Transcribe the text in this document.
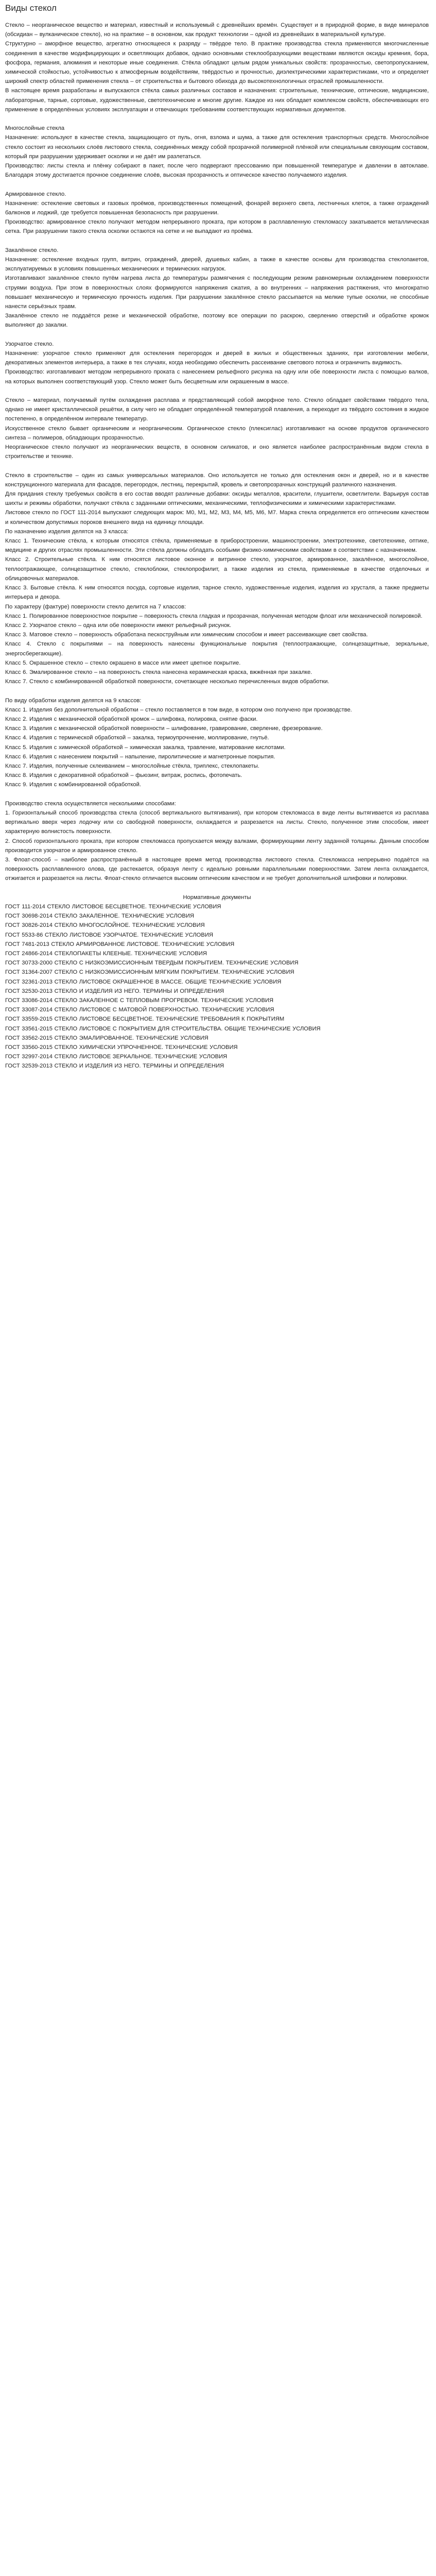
Виды стекол

Стекло – неорганическое вещество и материал, известный и используемый с древнейших времён. Существует и в природной форме, в виде минералов (обсидиан – вулканическое стекло), но на практике – в основном, как продукт технологии – одной из древнейших в материальной культуре.

Структурно – аморфное вещество, агрегатно относящееся к разряду – твёрдое тело. В практике производства стекла применяются многочисленные соединения в качестве модифицирующих и осветляющих добавок, однако основными стеклообразующими веществами являются оксиды кремния, бора, фосфора, германия, алюминия и некоторые иные соединения. Стёкла обладают целым рядом уникальных свойств: прозрачностью, светопропусканием, химической стойкостью, устойчивостью к атмосферным воздействиям, твёрдостью и прочностью, диэлектрическими характеристиками, что и определяет широкий спектр областей применения стекла – от строительства и бытового обихода до высокотехнологичных отраслей промышленности.

В настоящее время разработаны и выпускаются стёкла самых различных составов и назначения: строительные, технические, оптические, медицинские, лабораторные, тарные, сортовые, художественные, светотехнические и многие другие. Каждое из них обладает комплексом свойств, обеспечивающих его применение в определённых условиях эксплуатации и отвечающих требованиям соответствующих нормативных документов.

Многослойные стекла

Назначение: используют в качестве стекла, защищающего от пуль, огня, взлома и шума, а также для остекления транспортных средств. Многослойное стекло состоит из нескольких слоёв листового стекла, соединённых между собой прозрачной полимерной плёнкой или специальным связующим составом, который при разрушении удерживает осколки и не даёт им разлетаться.

Производство: листы стекла и плёнку собирают в пакет, после чего подвергают прессованию при повышенной температуре и давлении в автоклаве. Благодаря этому достигается прочное соединение слоёв, высокая прозрачность и оптическое качество получаемого изделия.

Армированное стекло.

Назначение: остекление световых и газовых проёмов, производственных помещений, фонарей верхнего света, лестничных клеток, а также ограждений балконов и лоджий, где требуется повышенная безопасность при разрушении.

Производство: армированное стекло получают методом непрерывного проката, при котором в расплавленную стекломассу закатывается металлическая сетка. При разрушении такого стекла осколки остаются на сетке и не выпадают из проёма.

Закалённое стекло.

Назначение: остекление входных групп, витрин, ограждений, дверей, душевых кабин, а также в качестве основы для производства стеклопакетов, эксплуатируемых в условиях повышенных механических и термических нагрузок.

Изготавливают закалённое стекло путём нагрева листа до температуры размягчения с последующим резким равномерным охлаждением поверхности струями воздуха. При этом в поверхностных слоях формируются напряжения сжатия, а во внутренних – напряжения растяжения, что многократно повышает механическую и термическую прочность изделия. При разрушении закалённое стекло рассыпается на мелкие тупые осколки, не способные нанести серьёзных травм.

Закалённое стекло не поддаётся резке и механической обработке, поэтому все операции по раскрою, сверлению отверстий и обработке кромок выполняют до закалки.

Узорчатое стекло.

Назначение: узорчатое стекло применяют для остекления перегородок и дверей в жилых и общественных зданиях, при изготовлении мебели, декоративных элементов интерьера, а также в тех случаях, когда необходимо обеспечить рассеивание светового потока и ограничить видимость.

Производство: изготавливают методом непрерывного проката с нанесением рельефного рисунка на одну или обе поверхности листа с помощью валков, на которых выполнен соответствующий узор. Стекло может быть бесцветным или окрашенным в массе.

Стекло – материал, получаемый путём охлаждения расплава и представляющий собой аморфное тело. Стекло обладает свойствами твёрдого тела, однако не имеет кристаллической решётки, в силу чего не обладает определённой температурой плавления, а переходит из твёрдого состояния в жидкое постепенно, в определённом интервале температур.

Искусственное стекло бывает органическим и неорганическим. Органическое стекло (плексиглас) изготавливают на основе продуктов органического синтеза – полимеров, обладающих прозрачностью.

Неорганическое стекло получают из неорганических веществ, в основном силикатов, и оно является наиболее распространённым видом стекла в строительстве и технике.

Стекло в строительстве – один из самых универсальных материалов. Оно используется не только для остекления окон и дверей, но и в качестве конструкционного материала для фасадов, перегородок, лестниц, перекрытий, кровель и светопрозрачных конструкций различного назначения.

Для придания стеклу требуемых свойств в его состав вводят различные добавки: оксиды металлов, красители, глушители, осветлители. Варьируя состав шихты и режимы обработки, получают стёкла с заданными оптическими, механическими, теплофизическими и химическими характеристиками.

Листовое стекло по ГОСТ 111-2014 выпускают следующих марок: М0, М1, М2, М3, М4, М5, М6, М7. Марка стекла определяется его оптическим качеством и количеством допустимых пороков внешнего вида на единицу площади.

По назначению изделия делятся на 3 класса:

Класс 1. Технические стёкла, к которым относятся стёкла, применяемые в приборостроении, машиностроении, электротехнике, светотехнике, оптике, медицине и других отраслях промышленности. Эти стёкла должны обладать особыми физико-химическими свойствами в соответствии с назначением.

Класс 2. Строительные стёкла. К ним относятся листовое оконное и витринное стекло, узорчатое, армированное, закалённое, многослойное, теплоотражающее, солнцезащитное стекло, стеклоблоки, стеклопрофилит, а также изделия из стекла, применяемые в качестве отделочных и облицовочных материалов.

Класс 3. Бытовые стёкла. К ним относятся посуда, сортовые изделия, тарное стекло, художественные изделия, изделия из хрусталя, а также предметы интерьера и декора.

По характеру (фактуре) поверхности стекло делится на 7 классов:

Класс 1. Полированное поверхностное покрытие – поверхность стекла гладкая и прозрачная, полученная методом флоат или механической полировкой.

Класс 2. Узорчатое стекло – одна или обе поверхности имеют рельефный рисунок.

Класс 3. Матовое стекло – поверхность обработана пескоструйным или химическим способом и имеет рассеивающие свет свойства.

Класс 4. Стекло с покрытиями – на поверхность нанесены функциональные покрытия (теплоотражающие, солнцезащитные, зеркальные, энергосберегающие).

Класс 5. Окрашенное стекло – стекло окрашено в массе или имеет цветное покрытие.

Класс 6. Эмалированное стекло – на поверхность стекла нанесена керамическая краска, вжжённая при закалке.

Класс 7. Стекло с комбинированной обработкой поверхности, сочетающее несколько перечисленных видов обработки.

По виду обработки изделия делятся на 9 классов:

Класс 1. Изделия без дополнительной обработки – стекло поставляется в том виде, в котором оно получено при производстве.

Класс 2. Изделия с механической обработкой кромок – шлифовка, полировка, снятие фаски.

Класс 3. Изделия с механической обработкой поверхности – шлифование, гравирование, сверление, фрезерование.

Класс 4. Изделия с термической обработкой – закалка, термоупрочнение, моллирование, гнутьё.

Класс 5. Изделия с химической обработкой – химическая закалка, травление, матирование кислотами.

Класс 6. Изделия с нанесением покрытий – напыление, пиролитические и магнетронные покрытия.

Класс 7. Изделия, полученные склеиванием – многослойные стёкла, триплекс, стеклопакеты.

Класс 8. Изделия с декоративной обработкой – фьюзинг, витраж, роспись, фотопечать.

Класс 9. Изделия с комбинированной обработкой.

Производство стекла осуществляется несколькими способами:

1. Горизонтальный способ производства стекла (способ вертикального вытягивания), при котором стекломасса в виде ленты вытягивается из расплава вертикально вверх через лодочку или со свободной поверхности, охлаждается и разрезается на листы. Стекло, полученное этим способом, имеет характерную волнистость поверхности.

2. Способ горизонтального проката, при котором стекломасса пропускается между валками, формирующими ленту заданной толщины. Данным способом производится узорчатое и армированное стекло.

3. Флоат-способ – наиболее распространённый в настоящее время метод производства листового стекла. Стекломасса непрерывно подаётся на поверхность расплавленного олова, где растекается, образуя ленту с идеально ровными параллельными поверхностями. Затем лента охлаждается, отжигается и разрезается на листы. Флоат-стекло отличается высоким оптическим качеством и не требует дополнительной шлифовки и полировки.

Нормативные документы

ГОСТ 111-2014 СТЕКЛО ЛИСТОВОЕ БЕСЦВЕТНОЕ. ТЕХНИЧЕСКИЕ УСЛОВИЯ

ГОСТ 30698-2014 СТЕКЛО ЗАКАЛЕННОЕ. ТЕХНИЧЕСКИЕ УСЛОВИЯ

ГОСТ 30826-2014 СТЕКЛО МНОГОСЛОЙНОЕ. ТЕХНИЧЕСКИЕ УСЛОВИЯ

ГОСТ 5533-86 СТЕКЛО ЛИСТОВОЕ УЗОРЧАТОЕ. ТЕХНИЧЕСКИЕ УСЛОВИЯ

ГОСТ 7481-2013 СТЕКЛО АРМИРОВАННОЕ ЛИСТОВОЕ. ТЕХНИЧЕСКИЕ УСЛОВИЯ

ГОСТ 24866-2014 СТЕКЛОПАКЕТЫ КЛЕЕНЫЕ. ТЕХНИЧЕСКИЕ УСЛОВИЯ

ГОСТ 30733-2000 СТЕКЛО С НИЗКОЭМИССИОННЫМ ТВЕРДЫМ ПОКРЫТИЕМ. ТЕХНИЧЕСКИЕ УСЛОВИЯ

ГОСТ 31364-2007 СТЕКЛО С НИЗКОЭМИССИОННЫМ МЯГКИМ ПОКРЫТИЕМ. ТЕХНИЧЕСКИЕ УСЛОВИЯ

ГОСТ 32361-2013 СТЕКЛО ЛИСТОВОЕ ОКРАШЕННОЕ В МАССЕ. ОБЩИЕ ТЕХНИЧЕСКИЕ УСЛОВИЯ

ГОСТ 32530-2013 СТЕКЛО И ИЗДЕЛИЯ ИЗ НЕГО. ТЕРМИНЫ И ОПРЕДЕЛЕНИЯ

ГОСТ 33086-2014 СТЕКЛО ЗАКАЛЕННОЕ С ТЕПЛОВЫМ ПРОГРЕВОМ. ТЕХНИЧЕСКИЕ УСЛОВИЯ

ГОСТ 33087-2014 СТЕКЛО ЛИСТОВОЕ С МАТОВОЙ ПОВЕРХНОСТЬЮ. ТЕХНИЧЕСКИЕ УСЛОВИЯ

ГОСТ 33559-2015 СТЕКЛО ЛИСТОВОЕ БЕСЦВЕТНОЕ. ТЕХНИЧЕСКИЕ ТРЕБОВАНИЯ К ПОКРЫТИЯМ

ГОСТ 33561-2015 СТЕКЛО ЛИСТОВОЕ С ПОКРЫТИЕМ ДЛЯ СТРОИТЕЛЬСТВА. ОБЩИЕ ТЕХНИЧЕСКИЕ УСЛОВИЯ

ГОСТ 33562-2015 СТЕКЛО ЭМАЛИРОВАННОЕ. ТЕХНИЧЕСКИЕ УСЛОВИЯ

ГОСТ 33560-2015 СТЕКЛО ХИМИЧЕСКИ УПРОЧНЕННОЕ. ТЕХНИЧЕСКИЕ УСЛОВИЯ

ГОСТ 32997-2014 СТЕКЛО ЛИСТОВОЕ ЗЕРКАЛЬНОЕ. ТЕХНИЧЕСКИЕ УСЛОВИЯ

ГОСТ 32539-2013 СТЕКЛО И ИЗДЕЛИЯ ИЗ НЕГО. ТЕРМИНЫ И ОПРЕДЕЛЕНИЯ
